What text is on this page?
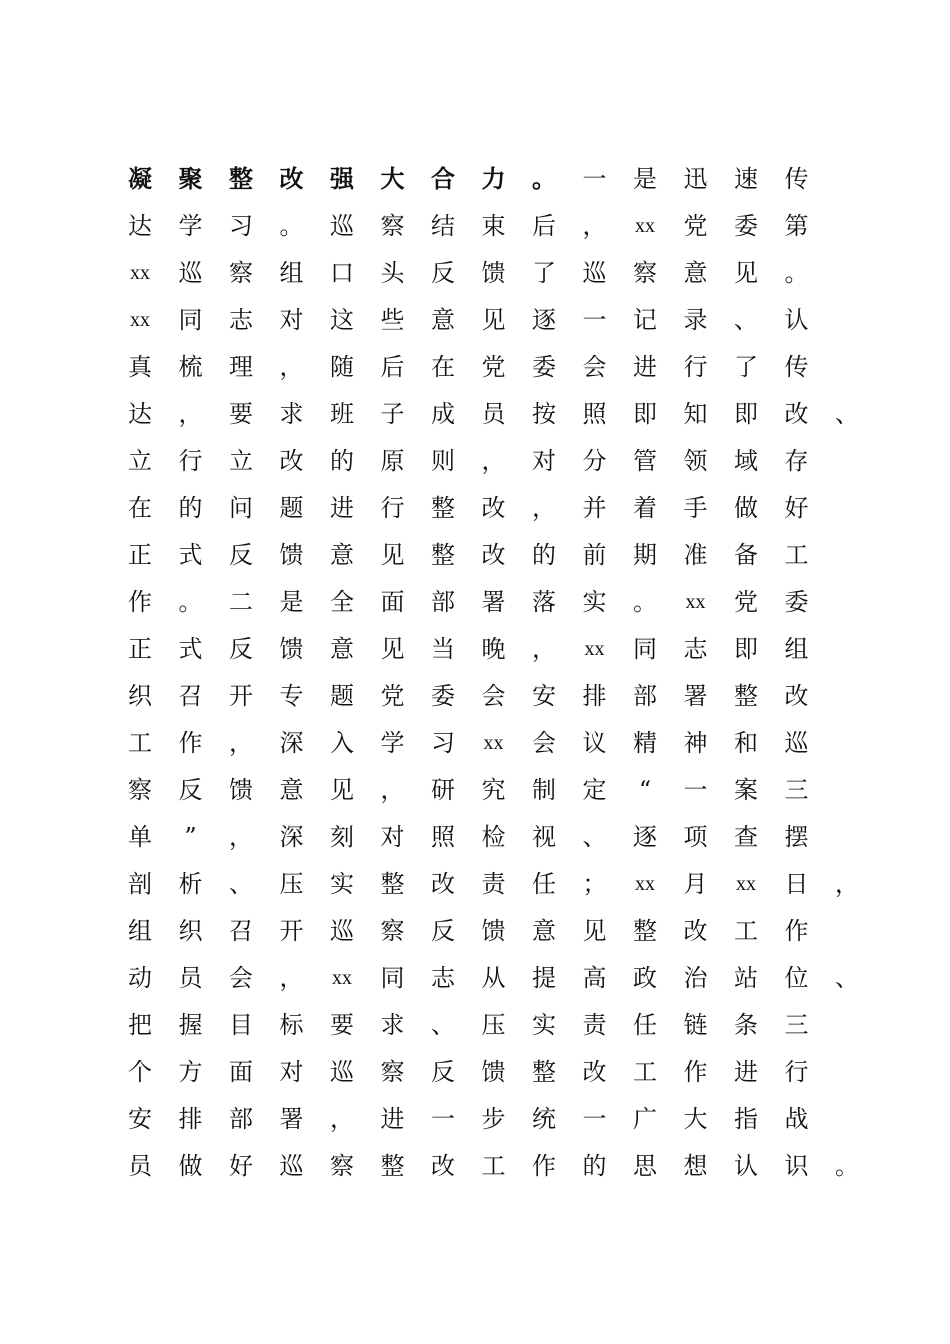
凝 聚 整 改 强 大 合 力 。 一 是 迅 速 传
达 学 习 。 巡 察 结 束 后 ， xx 党 委 第
xx 巡 察 组 口 头 反 馈 了 巡 察 意 见 。
xx 同 志 对 这 些 意 见 逐 一 记 录 、 认
真 梳 理 ， 随 后 在 党 委 会 进 行 了 传
达 ， 要 求 班 子 成 员 按 照 即 知 即 改 、
立 行 立 改 的 原 则 ， 对 分 管 领 域 存
在 的 问 题 进 行 整 改 ， 并 着 手 做 好
正 式 反 馈 意 见 整 改 的 前 期 准 备 工
作 。 二 是 全 面 部 署 落 实 。 xx 党 委
正 式 反 馈 意 见 当 晚 ， xx 同 志 即 组
织 召 开 专 题 党 委 会 安 排 部 署 整 改
工 作 ， 深 入 学 习 xx 会 议 精 神 和 巡
察 反 馈 意 见 ， 研 究 制 定	“	一 案 三
单	”	， 深 刻 对 照 检 视 、 逐 项 查 摆
剖 析 、 压 实 整 改 责 任 ； xx 月 xx 日 ，
组 织 召 开 巡 察 反 馈 意 见 整 改 工 作
动 员 会 ， xx 同 志 从 提 高 政 治 站 位 、
把 握 目 标 要 求 、 压 实 责 任 链 条 三
个 方 面 对 巡 察 反 馈 整 改 工 作 进 行
安 排 部 署 ， 进 一 步 统 一 广 大 指 战
员 做 好 巡 察 整 改 工 作 的 思 想 认 识 。
